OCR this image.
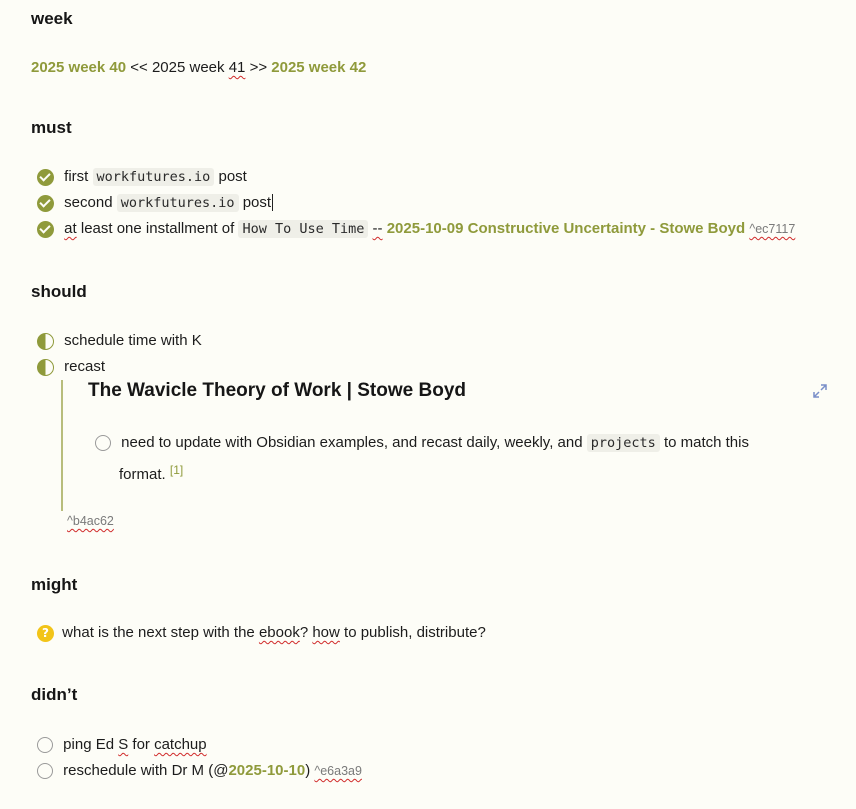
week
2025 week 40 << 2025 week 41 >> 2025 week 42
must
first workfutures.io post
second workfutures.io post
at least one installment of How To Use Time -- 2025-10-09 Constructive Uncertainty - Stowe Boyd ^ec7117
should
schedule time with K
recast
The Wavicle Theory of Work | Stowe Boyd
need to update with Obsidian examples, and recast daily, weekly, and projects to match this
format. [1]
^b4ac62
might
? what is the next step with the ebook? how to publish, distribute?
didn’t
ping Ed S for catchup
reschedule with Dr M (@2025-10-10) ^e6a3a9
